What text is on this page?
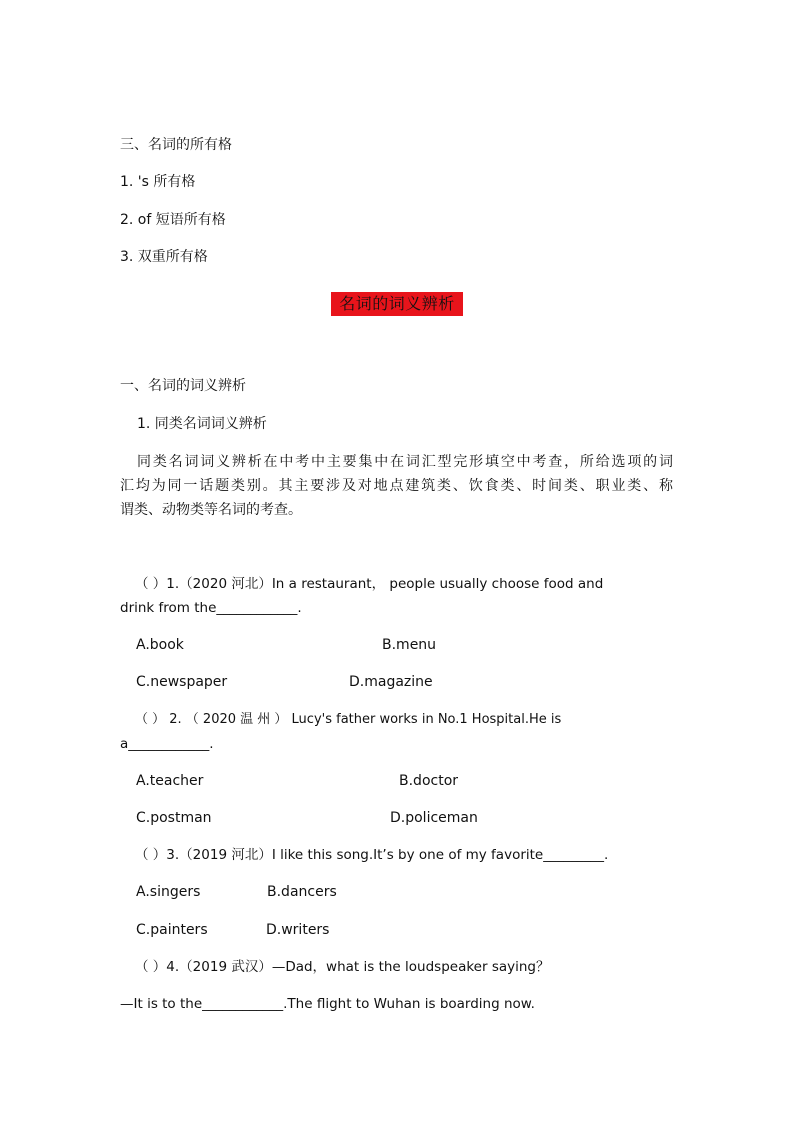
三、名词的所有格
1. 's 所有格
2. of 短语所有格
3. 双重所有格
名词的词义辨析
一、名词的词义辨析
1. 同类名词词义辨析
同类名词词义辨析在中考中主要集中在词汇型完形填空中考查，所给选项的词
汇均为同一话题类别。其主要涉及对地点建筑类、饮食类、时间类、职业类、称
谓类、动物类等名词的考查。
（ ）1.（2020 河北）In a restaurant， people usually choose food and
drink from the____________.
A.book	B.menu
C.newspaper	D.magazine
（ ） 2. （ 2020 温 州 ） Lucy's father works in No.1 Hospital.He is
a____________.
A.teacher	B.doctor
C.postman	D.policeman
（ ）3.（2019 河北）I like this song.It’s by one of my favorite_________.
A.singers	B.dancers
C.painters	D.writers
（ ）4.（2019 武汉）—Dad，what is the loudspeaker saying？
—It is to the____________.The flight to Wuhan is boarding now.
